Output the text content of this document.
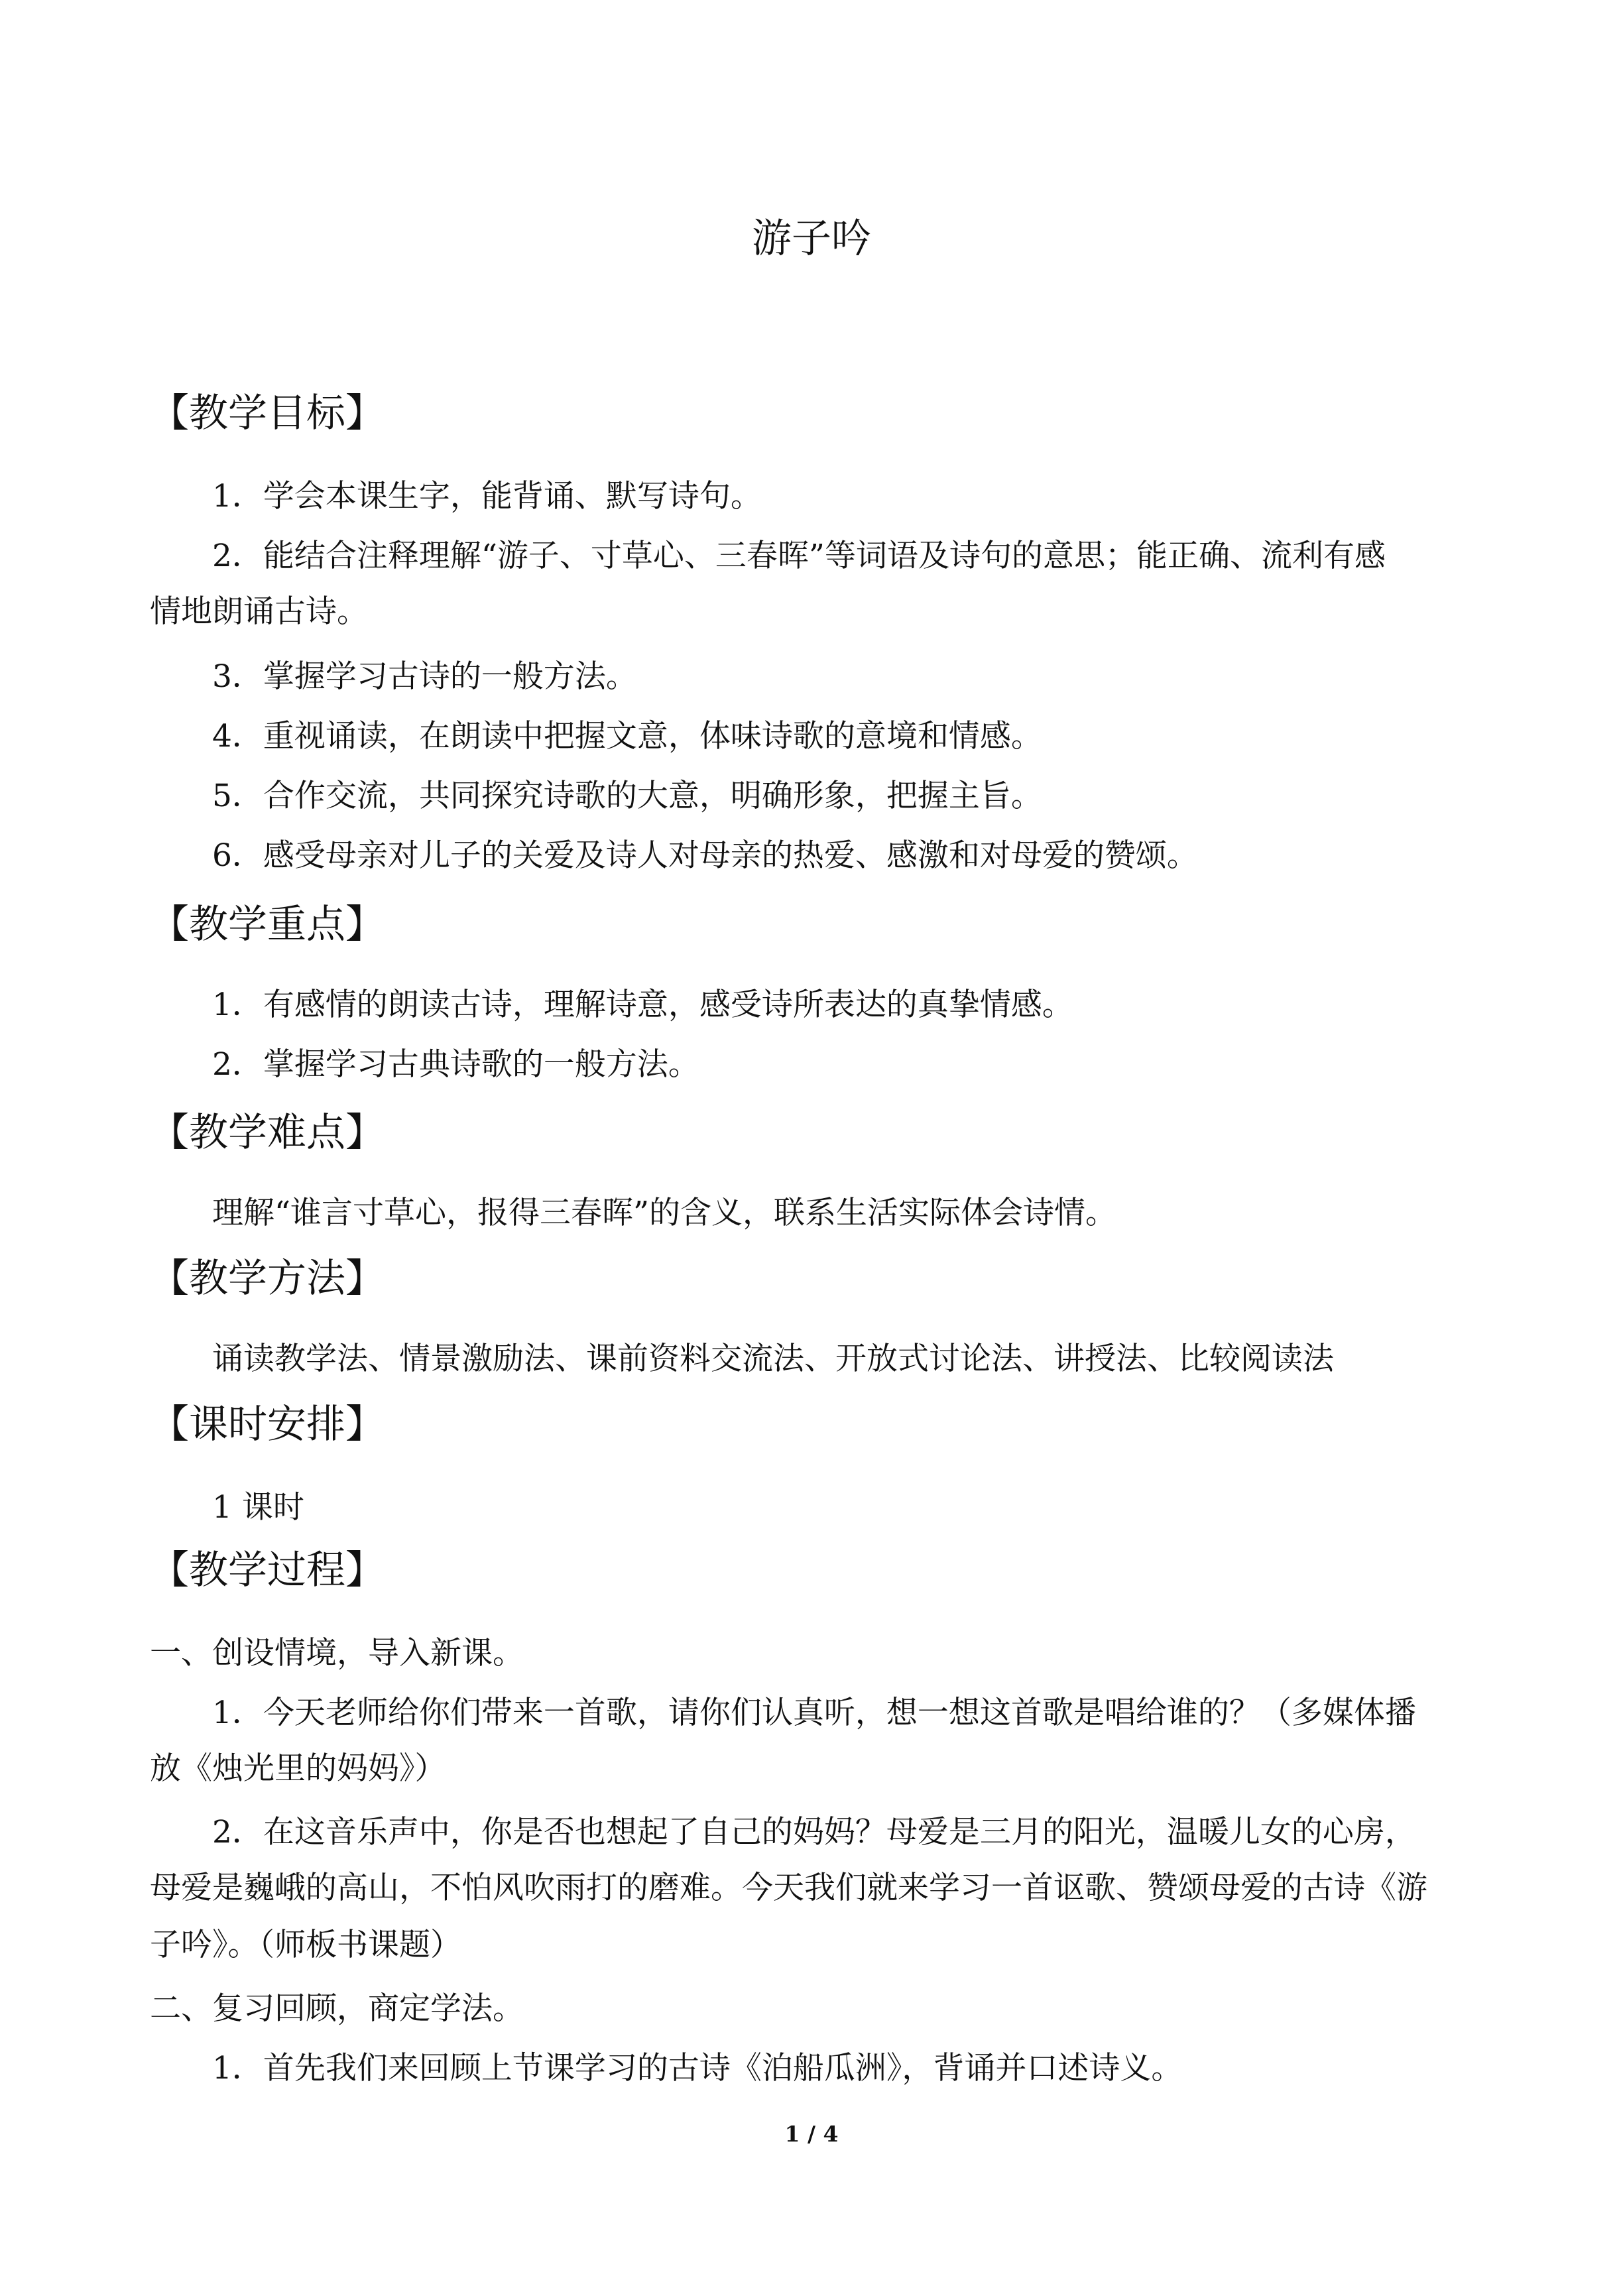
游子吟
【教学目标】
1．学会本课生字，能背诵、默写诗句。
2．能结合注释理解“游子、寸草心、三春晖”等词语及诗句的意思；能正确、流利有感
情地朗诵古诗。
3．掌握学习古诗的一般方法。
4．重视诵读，在朗读中把握文意，体味诗歌的意境和情感。
5．合作交流，共同探究诗歌的大意，明确形象，把握主旨。
6．感受母亲对儿子的关爱及诗人对母亲的热爱、感激和对母爱的赞颂。
【教学重点】
1．有感情的朗读古诗，理解诗意，感受诗所表达的真挚情感。
2．掌握学习古典诗歌的一般方法。
【教学难点】
理解“谁言寸草心，报得三春晖”的含义，联系生活实际体会诗情。
【教学方法】
诵读教学法、情景激励法、课前资料交流法、开放式讨论法、讲授法、比较阅读法
【课时安排】
1 课时
【教学过程】
一、创设情境，导入新课。
1．今天老师给你们带来一首歌，请你们认真听，想一想这首歌是唱给谁的？（多媒体播
放《烛光里的妈妈》）
2．在这音乐声中，你是否也想起了自己的妈妈？母爱是三月的阳光，温暖儿女的心房，
母爱是巍峨的高山，不怕风吹雨打的磨难。今天我们就来学习一首讴歌、赞颂母爱的古诗《游
子吟》。（师板书课题）
二、复习回顾，商定学法。
1．首先我们来回顾上节课学习的古诗《泊船瓜洲》，背诵并口述诗义。
1 / 4
